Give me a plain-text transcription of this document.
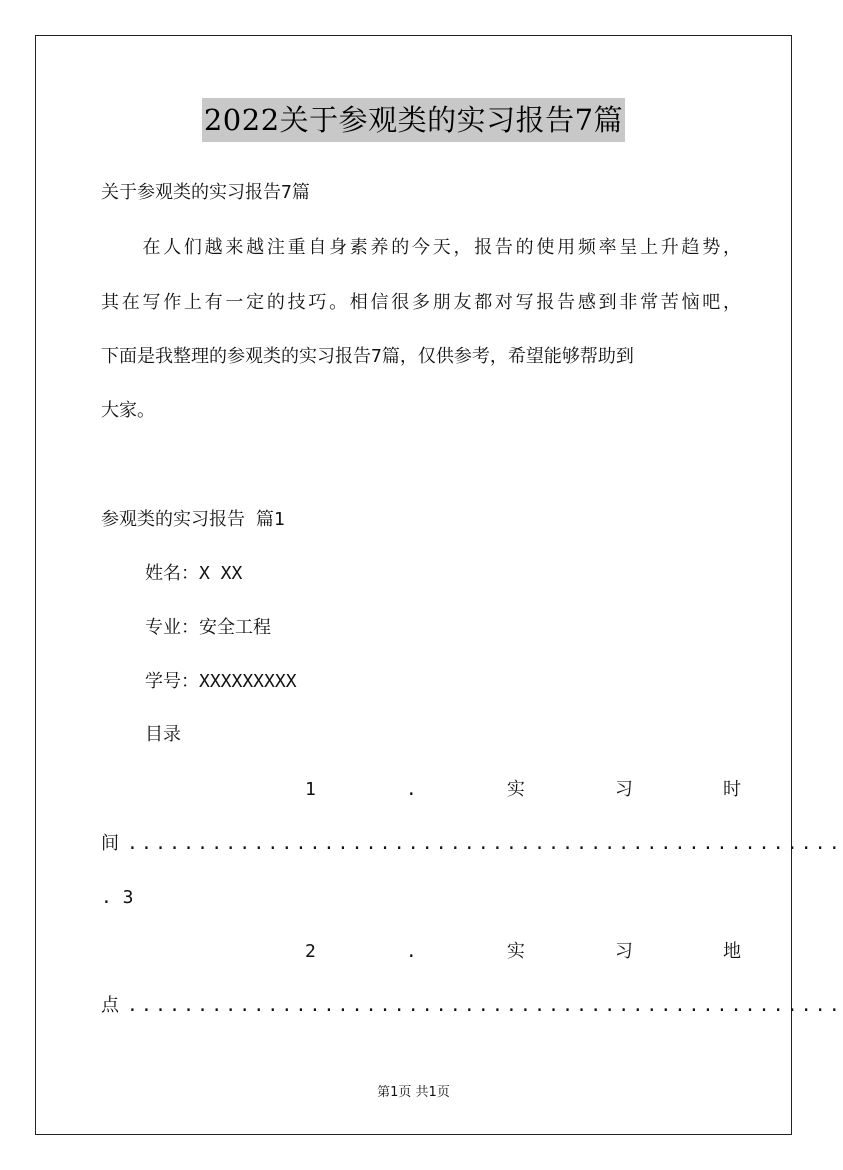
2022关于参观类的实习报告7篇
关于参观类的实习报告7篇
　　在人们越来越注重自身素养的今天，报告的使用频率呈上升趋势，
其在写作上有一定的技巧。相信很多朋友都对写报告感到非常苦恼吧，
下面是我整理的参观类的实习报告7篇，仅供参考，希望能够帮助到
大家。
参观类的实习报告 篇1
姓名：X XX
专业：安全工程
学号：XXXXXXXXX
目录
1	.	实	习	时
间 ...................................................
. 3
2	.	实	习	地
点 ...................................................
第1页 共1页
